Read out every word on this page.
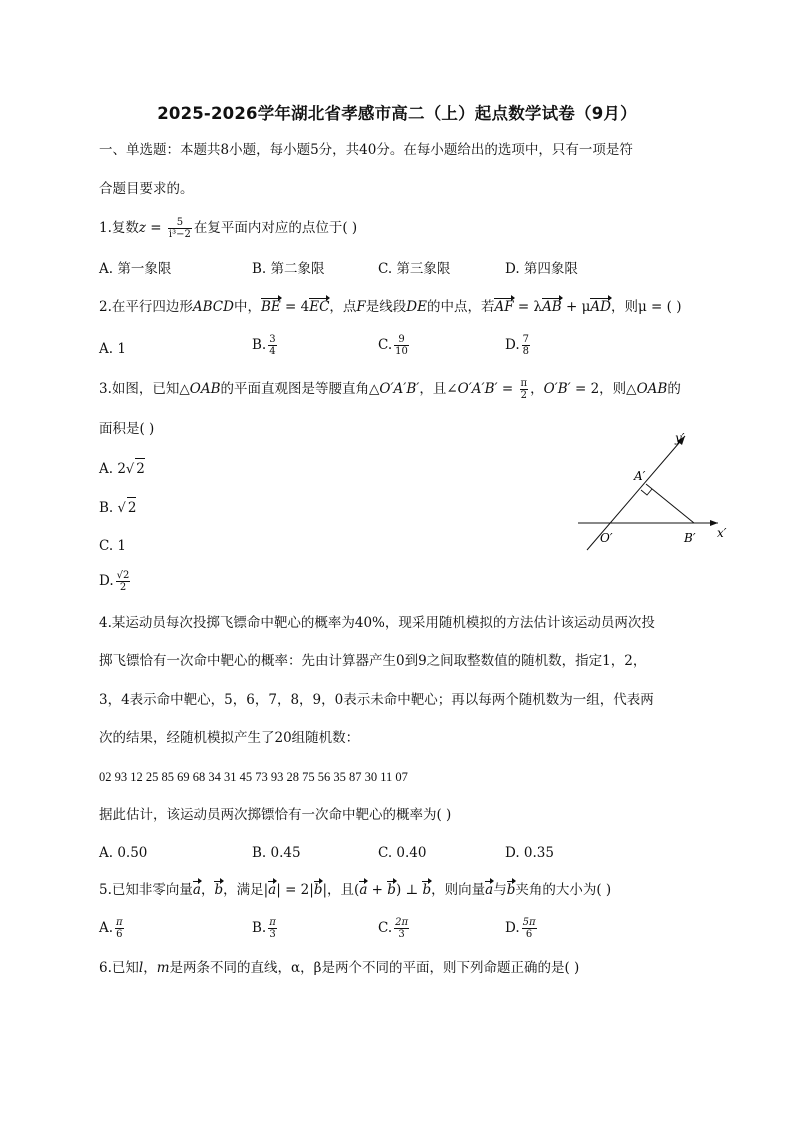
2025-2026学年湖北省孝感市高二（上）起点数学试卷（9月）
一、单选题：本题共8小题，每小题5分，共40分。在每小题给出的选项中，只有一项是符
合题目要求的。
1.复数$z = \frac{5}{\text{i³−2}}$ 在复平面内对应的点位于( )
A. 第一象限	B. 第二象限	C. 第三象限	D. 第四象限
2.在平行四边形ABCD中，BE = 4EC，点F是线段DE的中点，若AF = λAB + μAD，则μ = ( )
A. 1	B. $\frac{3}{4}$	C. $\frac{9}{10}$	D. $\frac{7}{8}$
3.如图，已知△OAB的平面直观图是等腰直角△O′A′B′，且∠O′A′B′ = $\frac{\pi}{2}$ ，O′B′ = 2，则△OAB的
面积是( )
A. 2√ 2
B. √ 2
C. 1
D. $\frac{√2}{2}$
y′
x′
A′
O′	B′
4.某运动员每次投掷飞镖命中靶心的概率为40%，现采用随机模拟的方法估计该运动员两次投
掷飞镖恰有一次命中靶心的概率：先由计算器产生0到9之间取整数值的随机数，指定1，2，
3，4表示命中靶心，5，6，7，8，9，0表示未命中靶心；再以每两个随机数为一组，代表两
次的结果，经随机模拟产生了20组随机数：
02 93 12 25 85 69 68 34 31 45 73 93 28 75 56 35 87 30 11 07
据此估计，该运动员两次掷镖恰有一次命中靶心的概率为( )
A. 0.50	B. 0.45	C. 0.40	D. 0.35
5.已知非零向量a，b，满足|a| = 2|b|，且(a + b) ⊥ b，则向量a与b夹角的大小为( )
A. $\frac{\pi}{6}$	B. $\frac{\pi}{3}$	C. $\frac{2\pi}{3}$	D. $\frac{5\pi}{6}$
6.已知l，m是两条不同的直线，α，β是两个不同的平面，则下列命题正确的是( )
